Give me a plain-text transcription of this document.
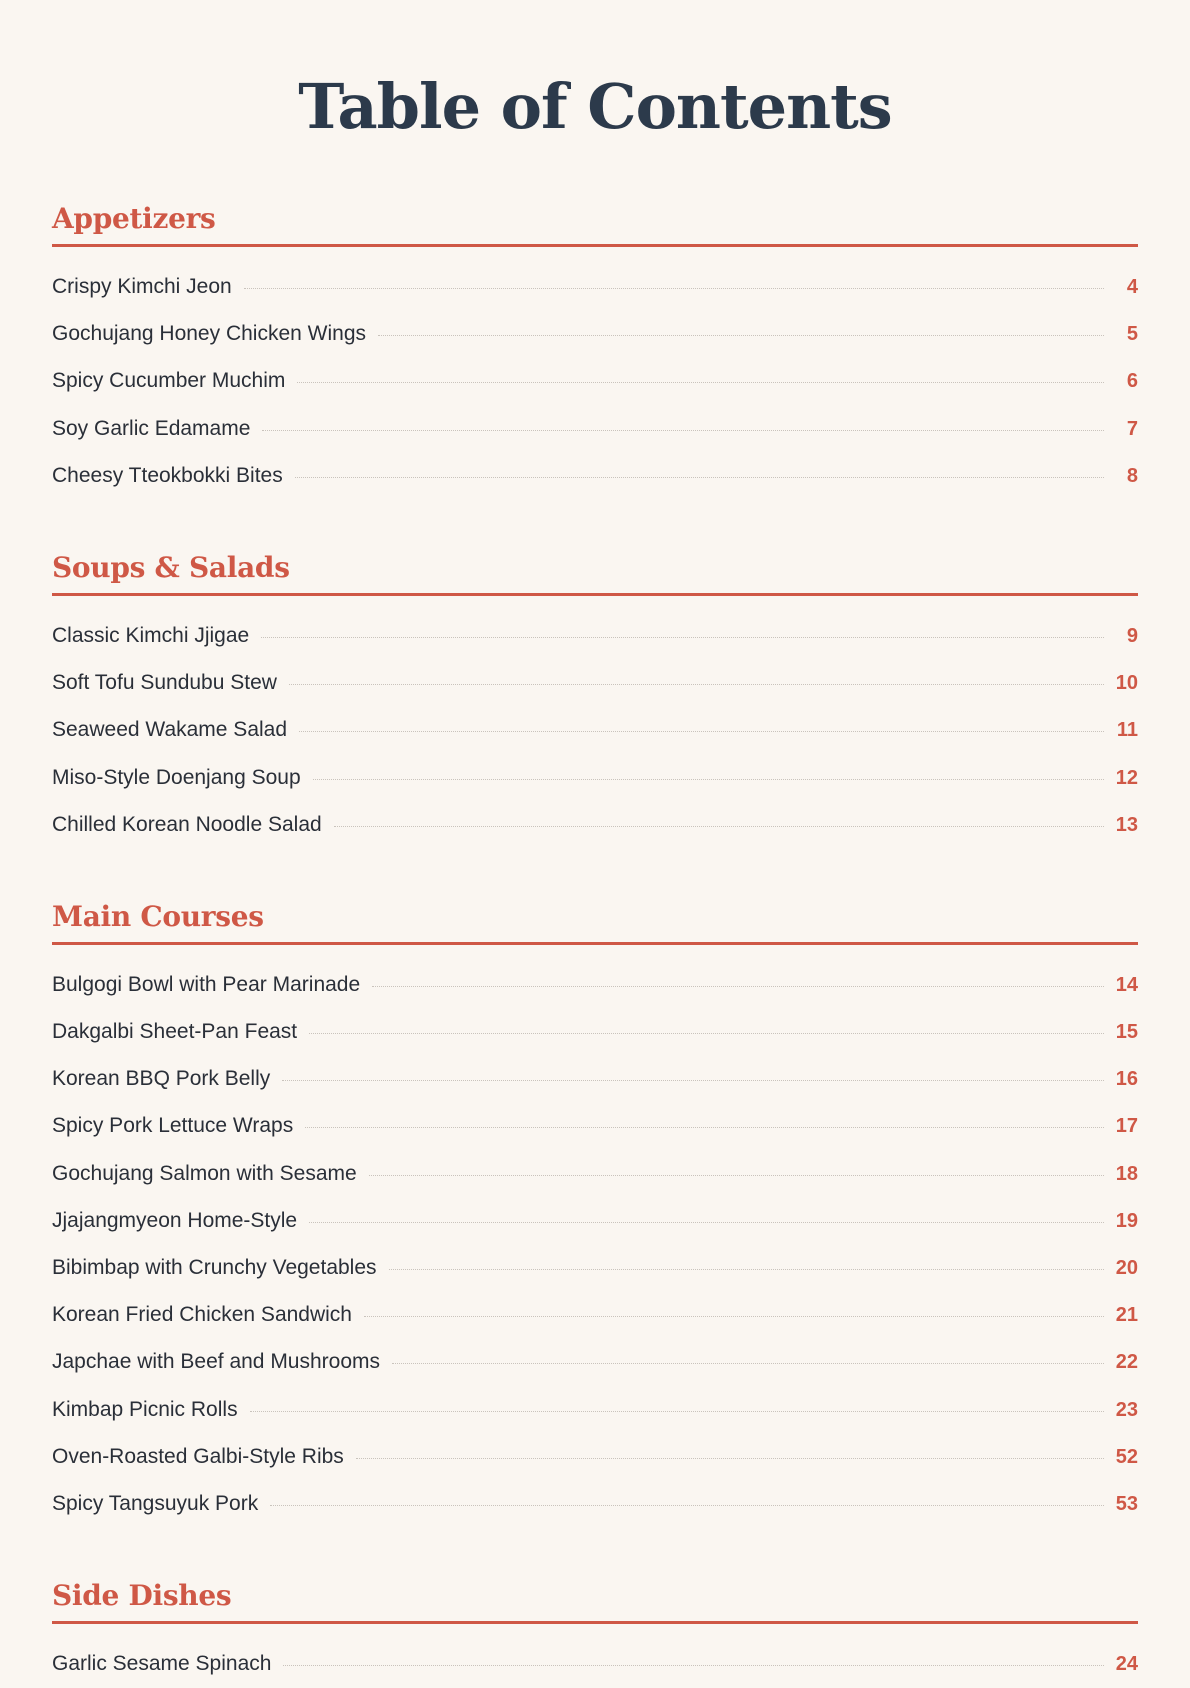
Table of Contents
Appetizers
Crispy Kimchi Jeon	4
Gochujang Honey Chicken Wings	5
Spicy Cucumber Muchim	6
Soy Garlic Edamame	7
Cheesy Tteokbokki Bites	8
Soups & Salads
Classic Kimchi Jjigae	9
Soft Tofu Sundubu Stew	10
Seaweed Wakame Salad	11
Miso-Style Doenjang Soup	12
Chilled Korean Noodle Salad	13
Main Courses
Bulgogi Bowl with Pear Marinade	14
Dakgalbi Sheet-Pan Feast	15
Korean BBQ Pork Belly	16
Spicy Pork Lettuce Wraps	17
Gochujang Salmon with Sesame	18
Jjajangmyeon Home-Style	19
Bibimbap with Crunchy Vegetables	20
Korean Fried Chicken Sandwich	21
Japchae with Beef and Mushrooms	22
Kimbap Picnic Rolls	23
Oven-Roasted Galbi-Style Ribs	52
Spicy Tangsuyuk Pork	53
Side Dishes
Garlic Sesame Spinach	24
